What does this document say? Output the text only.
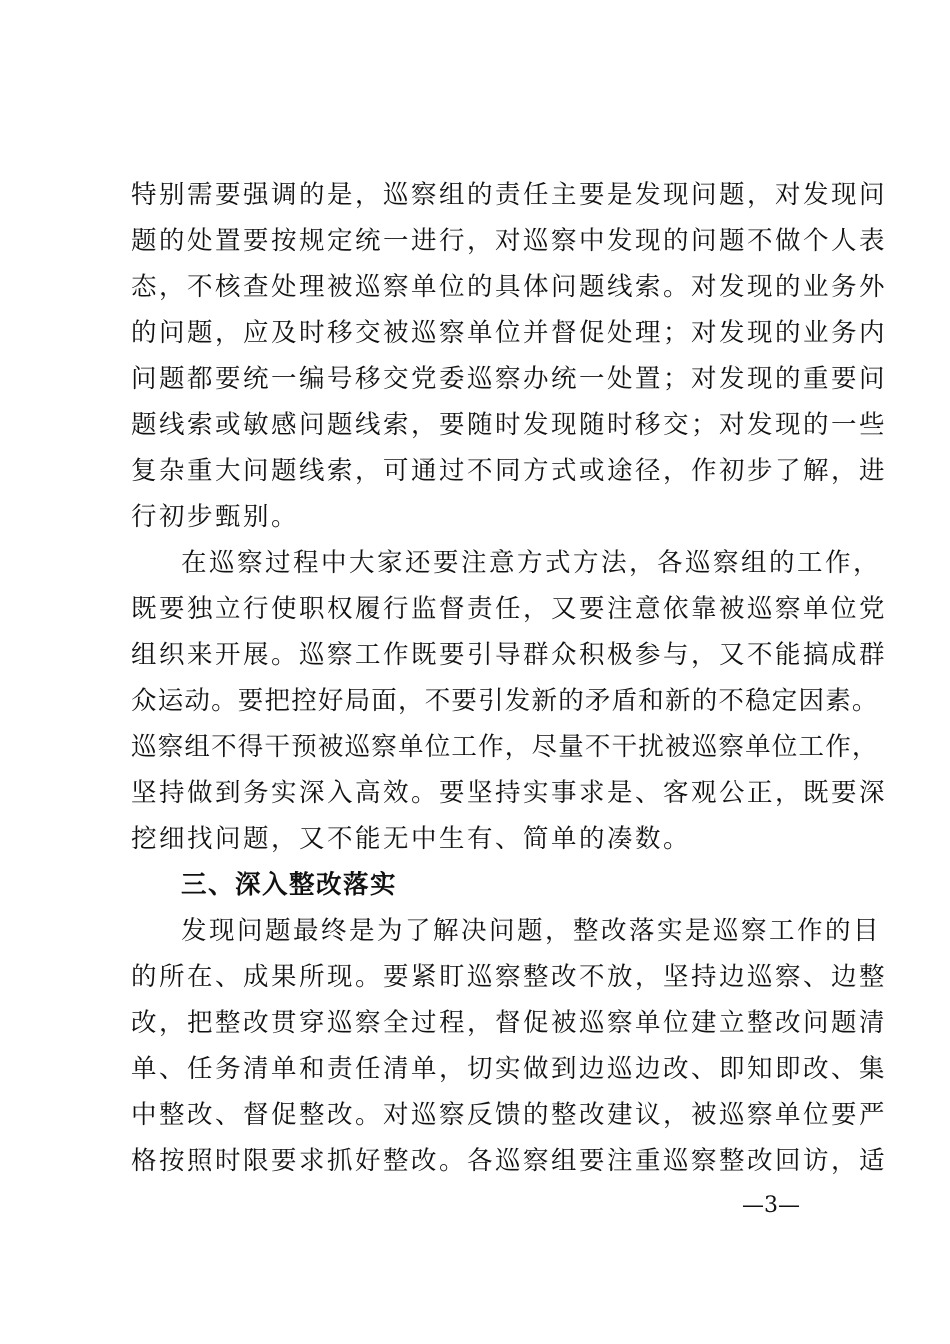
特别需要强调的是，巡察组的责任主要是发现问题，对发现问
题的处置要按规定统一进行，对巡察中发现的问题不做个人表
态，不核查处理被巡察单位的具体问题线索。对发现的业务外
的问题，应及时移交被巡察单位并督促处理；对发现的业务内
问题都要统一编号移交党委巡察办统一处置；对发现的重要问
题线索或敏感问题线索，要随时发现随时移交；对发现的一些
复杂重大问题线索，可通过不同方式或途径，作初步了解，进
行初步甄别。
在巡察过程中大家还要注意方式方法，各巡察组的工作，
既要独立行使职权履行监督责任，又要注意依靠被巡察单位党
组织来开展。巡察工作既要引导群众积极参与，又不能搞成群
众运动。要把控好局面，不要引发新的矛盾和新的不稳定因素。
巡察组不得干预被巡察单位工作，尽量不干扰被巡察单位工作，
坚持做到务实深入高效。要坚持实事求是、客观公正，既要深
挖细找问题，又不能无中生有、简单的凑数。
三、深入整改落实
发现问题最终是为了解决问题，整改落实是巡察工作的目
的所在、成果所现。要紧盯巡察整改不放，坚持边巡察、边整
改，把整改贯穿巡察全过程，督促被巡察单位建立整改问题清
单、任务清单和责任清单，切实做到边巡边改、即知即改、集
中整改、督促整改。对巡察反馈的整改建议，被巡察单位要严
格按照时限要求抓好整改。各巡察组要注重巡察整改回访，适
—3—
